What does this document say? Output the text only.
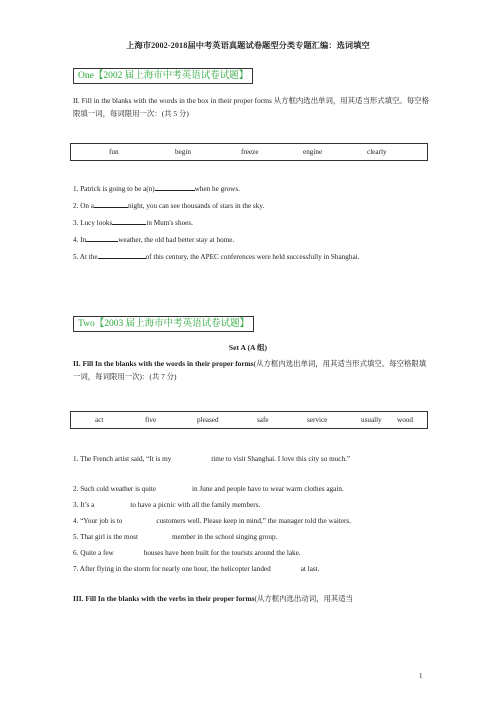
上海市2002-2018届中考英语真题试卷题型分类专题汇编：选词填空
One【2002 届上海市中考英语试卷试题】
II. Fill in the blanks with the words in the box in their proper forms 从方框内选出单词，用其适当形式填空。每空格限填一词，每词限用一次：(共 5 分)
fun	begin	freeze	engine	clearly
1. Patrick is going to be a(n)	when he grows.
2. On a	night, you can see thousands of stars in the sky.
3. Lucy looks	in Mum's shoes.
4. In	weather, the old had better stay at home.
5. At the	of this century, the APEC conferences were held successfully in Shanghai.
Two【2003 届上海市中考英语试卷试题】
Set A (A 组)
II. Fill In the blanks with the words in their proper forms(从方框内选出单词，用其适当形式填空。每空格限填一词，每词限用一次)：(共 7 分)
act	five	pleased	safe	service	usually wood
1. The French artist said, “It is my	time to visit Shanghai. I love this city so much.”
2. Such cold weather is quite	in June and people have to wear warm clothes again.
3. It’s a	to have a picnic with all the family members.
4. “Your job is to	customers well. Please keep in mind,” the manager told the waiters.
5. That girl is the most	member in the school singing group.
6. Quite a few	houses have been built for the tourists around the lake.
7. After flying in the storm for nearly one hour, the helicopter landed	at last.
III. Fill In the blanks with the verbs in their proper forms(从方框内选出动词，用其适当
1
